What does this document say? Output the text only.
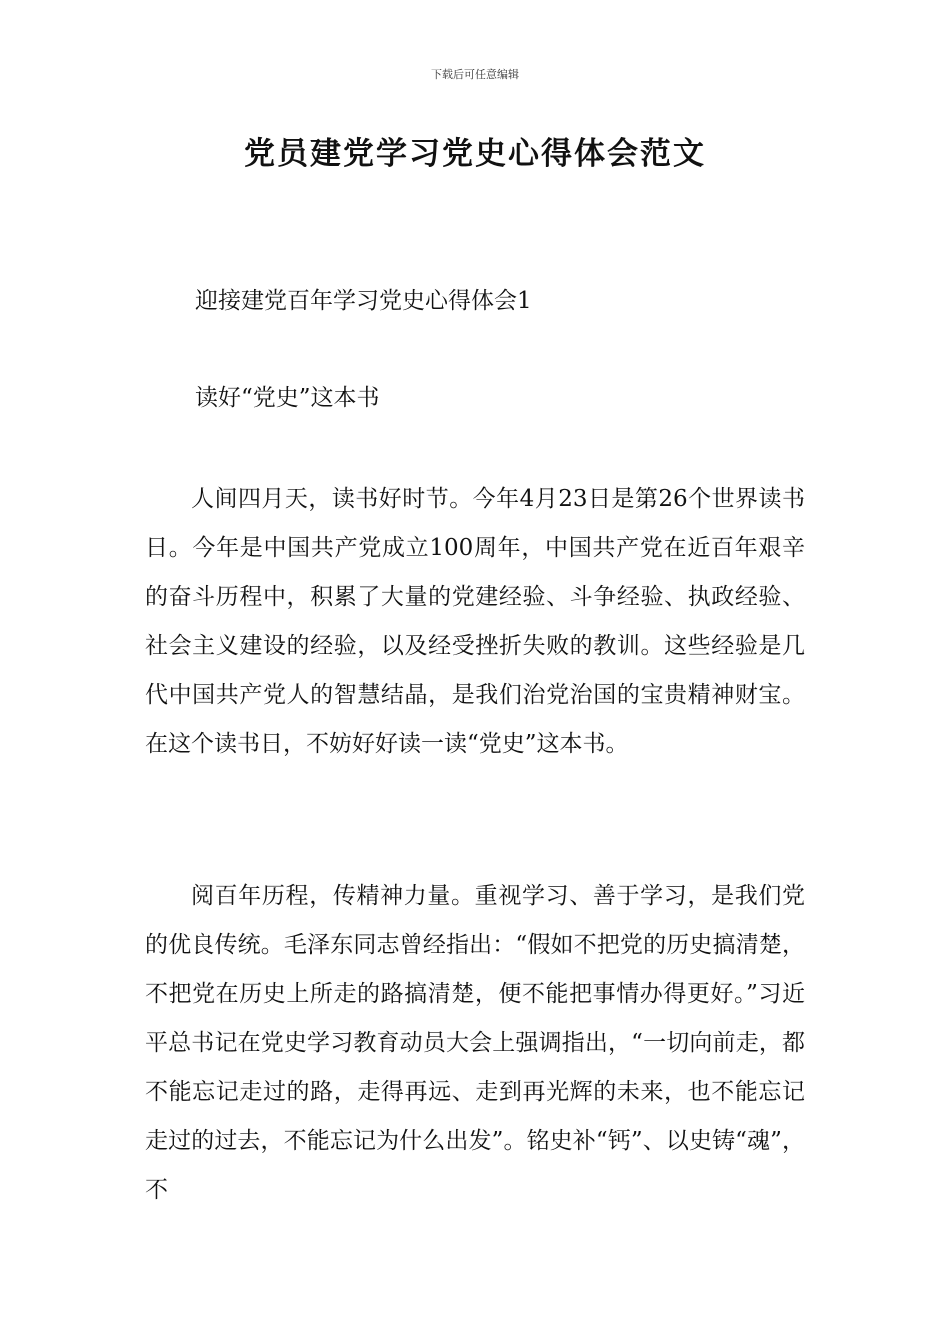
下载后可任意编辑
党员建党学习党史心得体会范文
迎接建党百年学习党史心得体会1
读好“党史”这本书

人间四月天，读书好时节。今年4月23日是第26个世界读书日。今年是中国共产党成立100周年，中国共产党在近百年艰辛的奋斗历程中，积累了大量的党建经验、斗争经验、执政经验、社会主义建设的经验，以及经受挫折失败的教训。这些经验是几代中国共产党人的智慧结晶，是我们治党治国的宝贵精神财宝。在这个读书日，不妨好好读一读“党史”这本书。

阅百年历程，传精神力量。重视学习、善于学习，是我们党的优良传统。毛泽东同志曾经指出：“假如不把党的历史搞清楚，不把党在历史上所走的路搞清楚，便不能把事情办得更好。”习近平总书记在党史学习教育动员大会上强调指出，“一切向前走，都不能忘记走过的路，走得再远、走到再光辉的未来，也不能忘记走过的过去，不能忘记为什么出发”。铭史补“钙”、以史铸“魂”，不
